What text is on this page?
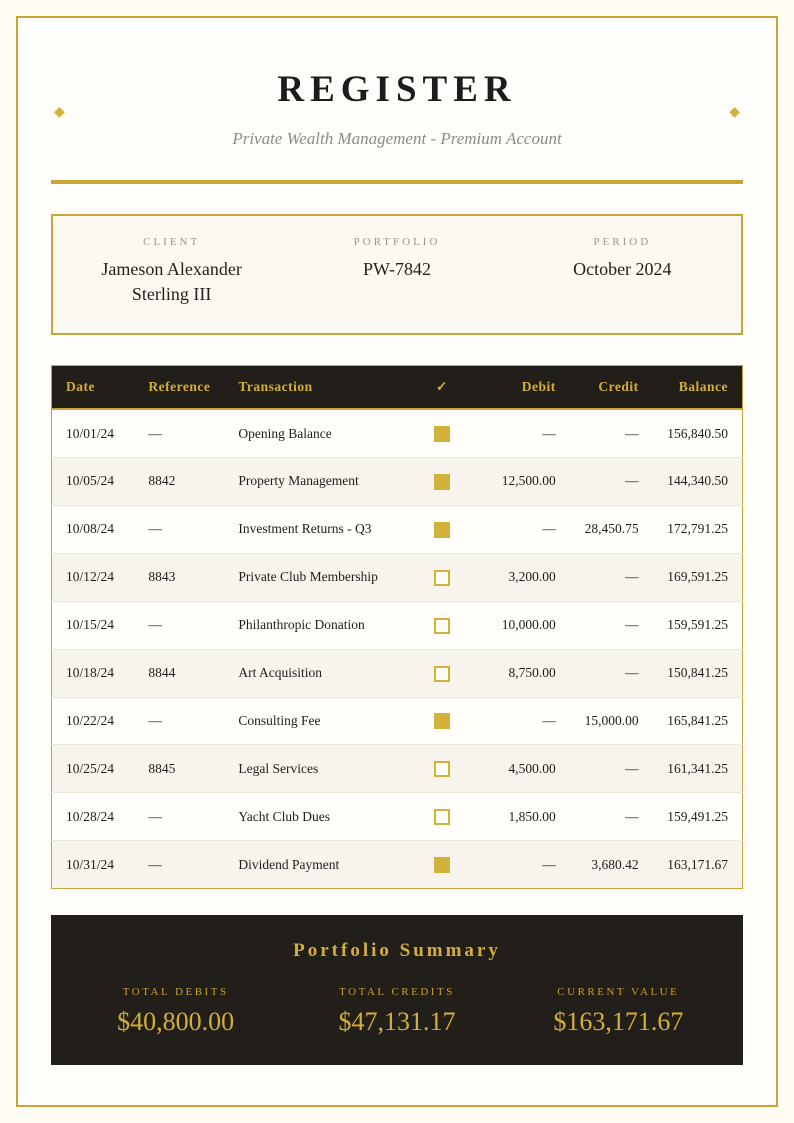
◆	◆
REGISTER
Private Wealth Management - Premium Account
CLIENT
Jameson Alexander Sterling III
PORTFOLIO
PW-7842
PERIOD
October 2024
Date	Reference	Transaction	✓	Debit	Credit	Balance
10/01/24	—	Opening Balance		—	—	156,840.50
10/05/24	8842	Property Management		12,500.00	—	144,340.50
10/08/24	—	Investment Returns - Q3		—	28,450.75	172,791.25
10/12/24	8843	Private Club Membership		3,200.00	—	169,591.25
10/15/24	—	Philanthropic Donation		10,000.00	—	159,591.25
10/18/24	8844	Art Acquisition		8,750.00	—	150,841.25
10/22/24	—	Consulting Fee		—	15,000.00	165,841.25
10/25/24	8845	Legal Services		4,500.00	—	161,341.25
10/28/24	—	Yacht Club Dues		1,850.00	—	159,491.25
10/31/24	—	Dividend Payment		—	3,680.42	163,171.67
Portfolio Summary
TOTAL DEBITS
$40,800.00
TOTAL CREDITS
$47,131.17
CURRENT VALUE
$163,171.67
